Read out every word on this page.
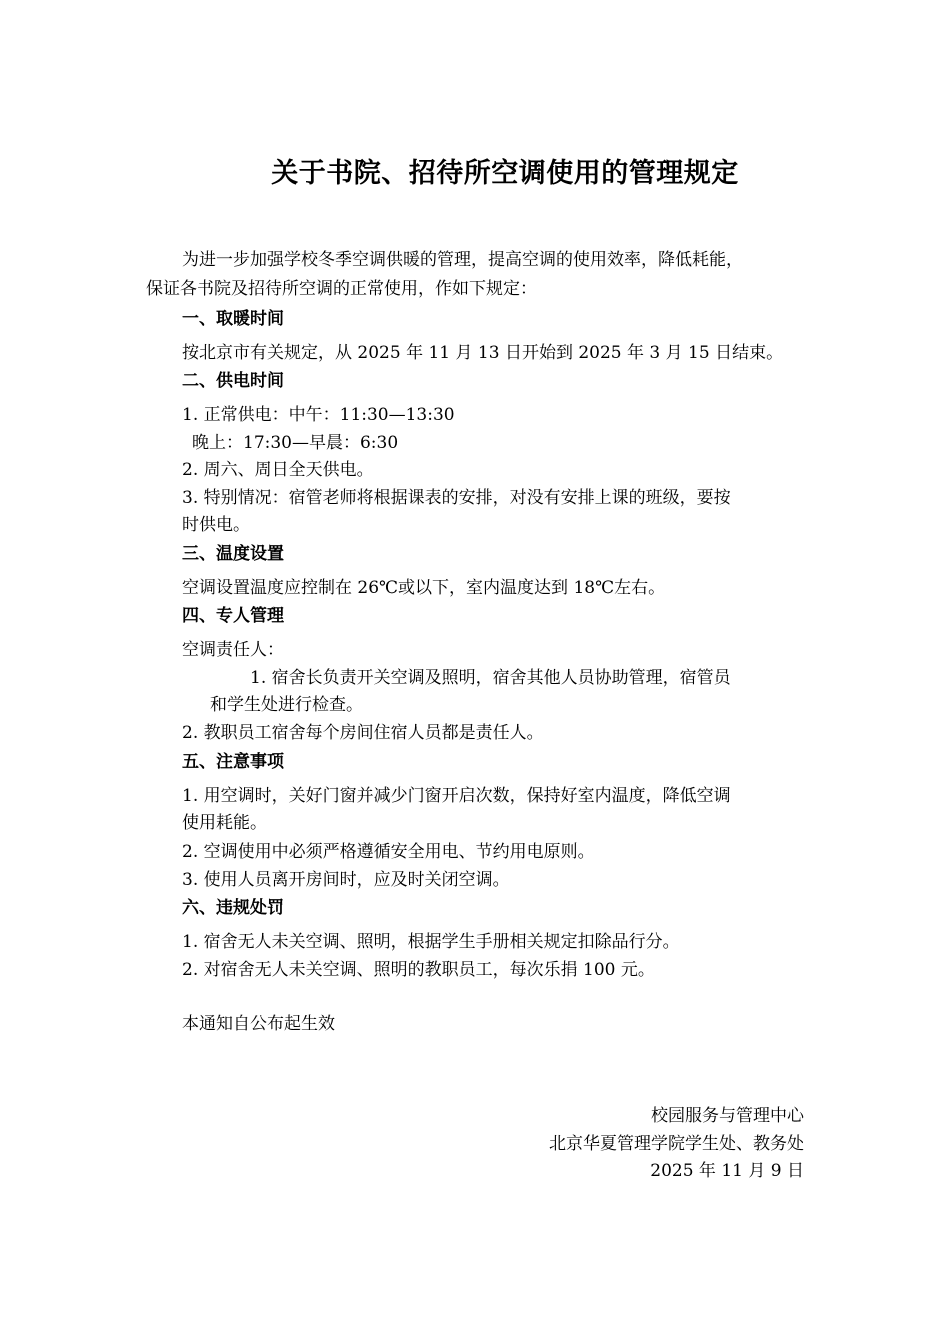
关于书院、招待所空调使用的管理规定
为进一步加强学校冬季空调供暖的管理，提高空调的使用效率，降低耗能，
保证各书院及招待所空调的正常使用，作如下规定：
一、取暖时间
按北京市有关规定，从 2025 年 11 月 13 日开始到 2025 年 3 月 15 日结束。
二、供电时间
1. 正常供电：中午：11:30—13:30
晚上：17:30—早晨：6:30
2. 周六、周日全天供电。
3. 特别情况：宿管老师将根据课表的安排，对没有安排上课的班级，要按
时供电。
三、温度设置
空调设置温度应控制在 26℃或以下，室内温度达到 18℃左右。
四、专人管理
空调责任人：
1. 宿舍长负责开关空调及照明，宿舍其他人员协助管理，宿管员
和学生处进行检查。
2. 教职员工宿舍每个房间住宿人员都是责任人。
五、注意事项
1. 用空调时，关好门窗并减少门窗开启次数，保持好室内温度，降低空调
使用耗能。
2. 空调使用中必须严格遵循安全用电、节约用电原则。
3. 使用人员离开房间时，应及时关闭空调。
六、违规处罚
1. 宿舍无人未关空调、照明，根据学生手册相关规定扣除品行分。
2. 对宿舍无人未关空调、照明的教职员工，每次乐捐 100 元。
本通知自公布起生效
校园服务与管理中心
北京华夏管理学院学生处、教务处
2025 年 11 月 9 日
